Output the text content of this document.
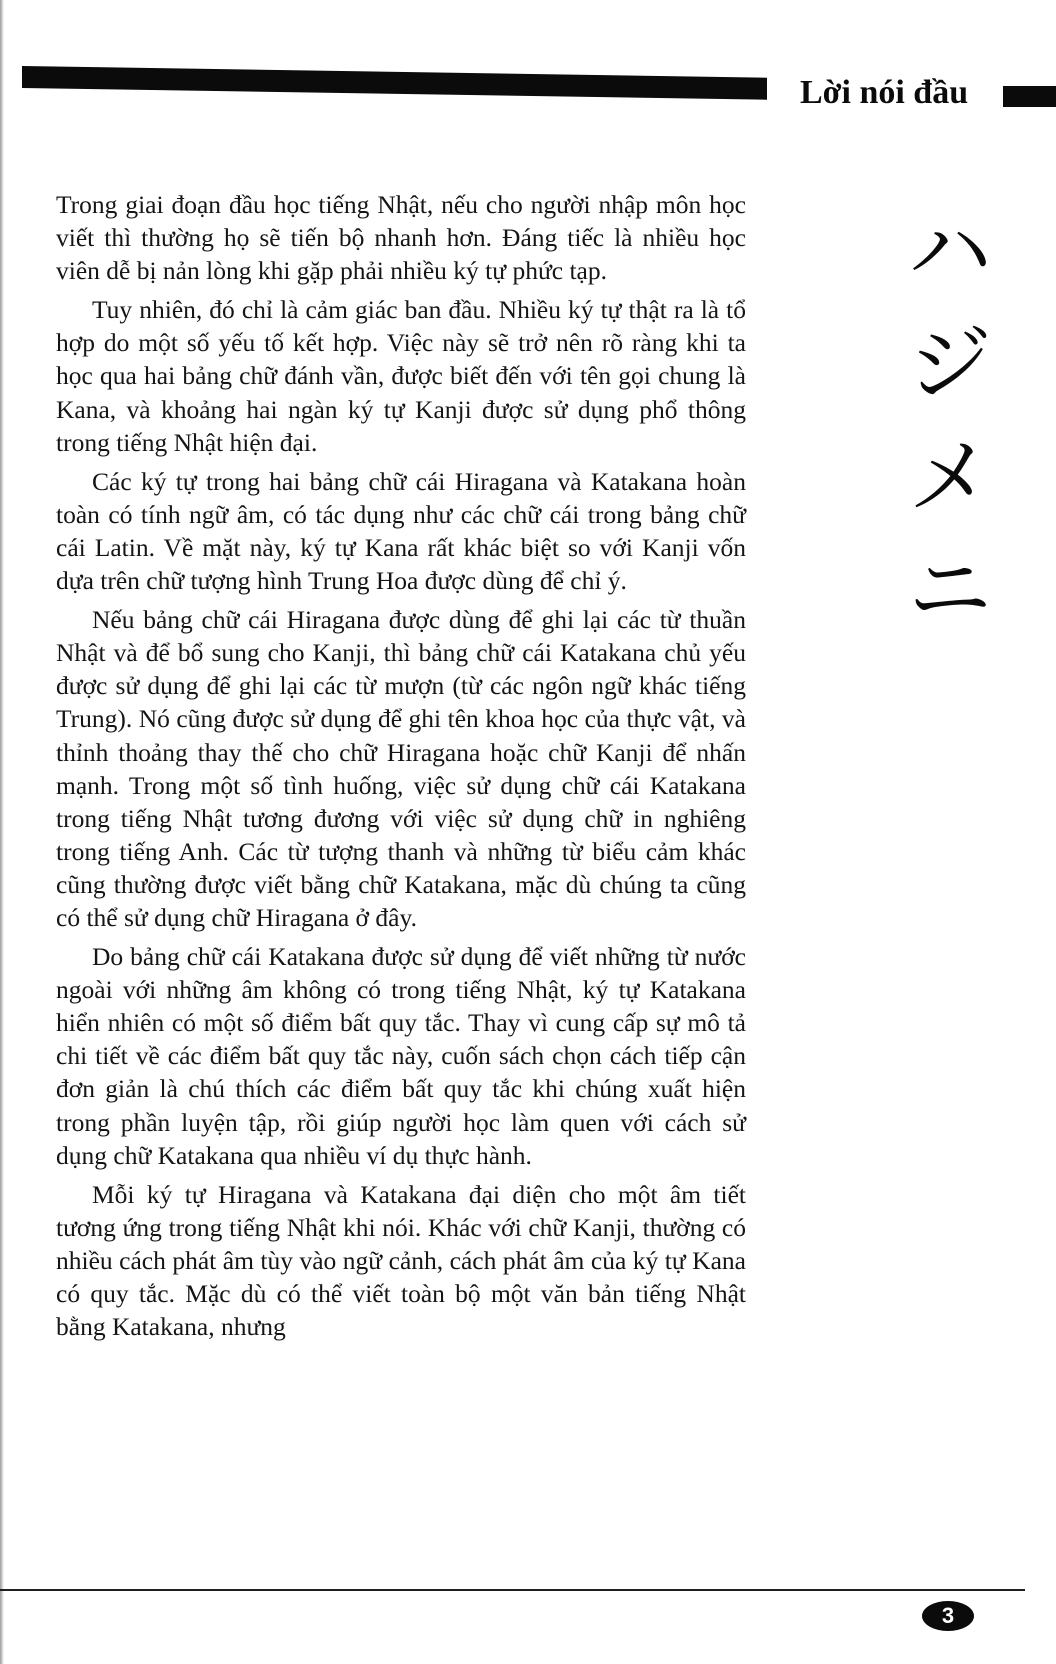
Lời nói đầu
ハ
ジ
メ
ニ

Trong giai đoạn đầu học tiếng Nhật, nếu cho người nhập môn học viết thì thường họ sẽ tiến bộ nhanh hơn. Đáng tiếc là nhiều học viên dễ bị nản lòng khi gặp phải nhiều ký tự phức tạp.

Tuy nhiên, đó chỉ là cảm giác ban đầu. Nhiều ký tự thật ra là tổ hợp do một số yếu tố kết hợp. Việc này sẽ trở nên rõ ràng khi ta học qua hai bảng chữ đánh vần, được biết đến với tên gọi chung là Kana, và khoảng hai ngàn ký tự Kanji được sử dụng phổ thông trong tiếng Nhật hiện đại.

Các ký tự trong hai bảng chữ cái Hiragana và Katakana hoàn toàn có tính ngữ âm, có tác dụng như các chữ cái trong bảng chữ cái Latin. Về mặt này, ký tự Kana rất khác biệt so với Kanji vốn dựa trên chữ tượng hình Trung Hoa được dùng để chỉ ý.

Nếu bảng chữ cái Hiragana được dùng để ghi lại các từ thuần Nhật và để bổ sung cho Kanji, thì bảng chữ cái Katakana chủ yếu được sử dụng để ghi lại các từ mượn (từ các ngôn ngữ khác tiếng Trung). Nó cũng được sử dụng để ghi tên khoa học của thực vật, và thỉnh thoảng thay thế cho chữ Hiragana hoặc chữ Kanji để nhấn mạnh. Trong một số tình huống, việc sử dụng chữ cái Katakana trong tiếng Nhật tương đương với việc sử dụng chữ in nghiêng trong tiếng Anh. Các từ tượng thanh và những từ biểu cảm khác cũng thường được viết bằng chữ Katakana, mặc dù chúng ta cũng có thể sử dụng chữ Hiragana ở đây.

Do bảng chữ cái Katakana được sử dụng để viết những từ nước ngoài với những âm không có trong tiếng Nhật, ký tự Katakana hiển nhiên có một số điểm bất quy tắc. Thay vì cung cấp sự mô tả chi tiết về các điểm bất quy tắc này, cuốn sách chọn cách tiếp cận đơn giản là chú thích các điểm bất quy tắc khi chúng xuất hiện trong phần luyện tập, rồi giúp người học làm quen với cách sử dụng chữ Katakana qua nhiều ví dụ thực hành.

Mỗi ký tự Hiragana và Katakana đại diện cho một âm tiết tương ứng trong tiếng Nhật khi nói. Khác với chữ Kanji, thường có nhiều cách phát âm tùy vào ngữ cảnh, cách phát âm của ký tự Kana có quy tắc. Mặc dù có thể viết toàn bộ một văn bản tiếng Nhật bằng Katakana, nhưng

3
